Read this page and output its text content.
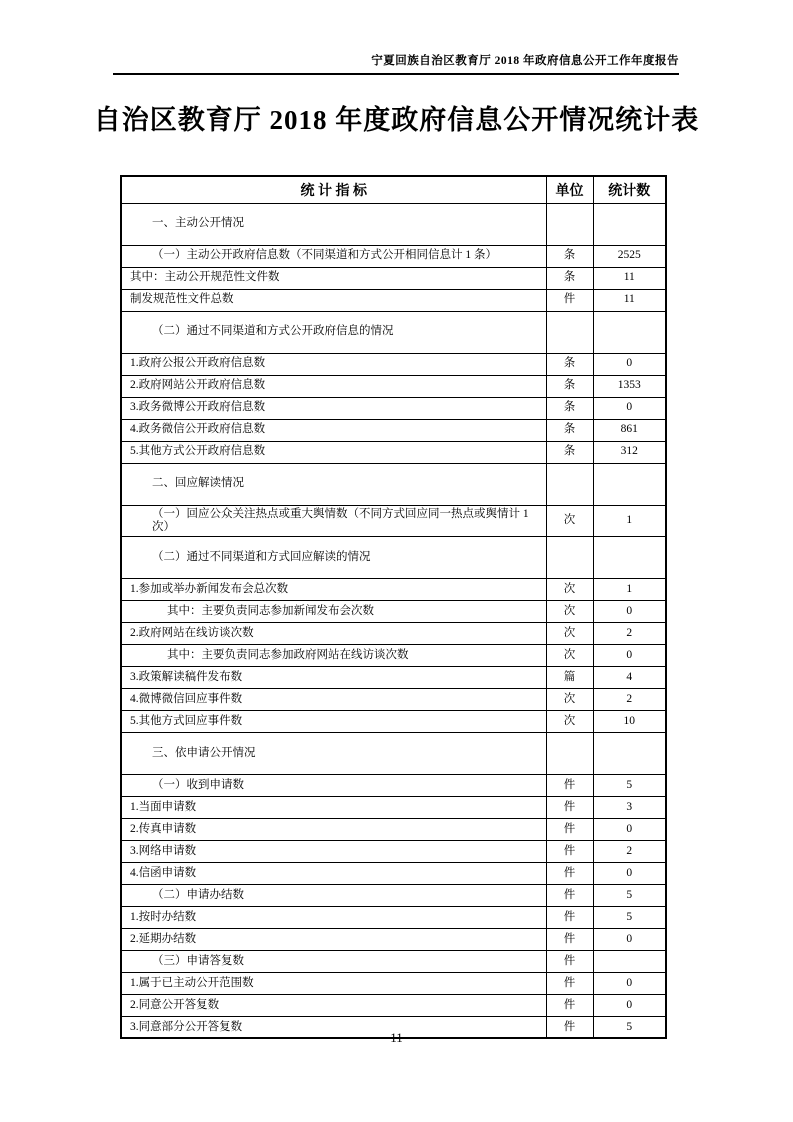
宁夏回族自治区教育厅 2018 年政府信息公开工作年度报告
自治区教育厅 2018 年度政府信息公开情况统计表
统 计 指 标	单位	统计数
一、主动公开情况		
（一）主动公开政府信息数（不同渠道和方式公开相同信息计 1 条）	条	2525
其中：主动公开规范性文件数	条	11
制发规范性文件总数	件	11
（二）通过不同渠道和方式公开政府信息的情况		
1.政府公报公开政府信息数	条	0
2.政府网站公开政府信息数	条	1353
3.政务微博公开政府信息数	条	0
4.政务微信公开政府信息数	条	861
5.其他方式公开政府信息数	条	312
二、回应解读情况		
（一）回应公众关注热点或重大舆情数（不同方式回应同一热点或舆情计 1 次）	次	1
（二）通过不同渠道和方式回应解读的情况		
1.参加或举办新闻发布会总次数	次	1
其中：主要负责同志参加新闻发布会次数	次	0
2.政府网站在线访谈次数	次	2
其中：主要负责同志参加政府网站在线访谈次数	次	0
3.政策解读稿件发布数	篇	4
4.微博微信回应事件数	次	2
5.其他方式回应事件数	次	10
三、依申请公开情况		
（一）收到申请数	件	5
1.当面申请数	件	3
2.传真申请数	件	0
3.网络申请数	件	2
4.信函申请数	件	0
（二）申请办结数	件	5
1.按时办结数	件	5
2.延期办结数	件	0
（三）申请答复数	件	
1.属于已主动公开范围数	件	0
2.同意公开答复数	件	0
3.同意部分公开答复数	件	5
11
